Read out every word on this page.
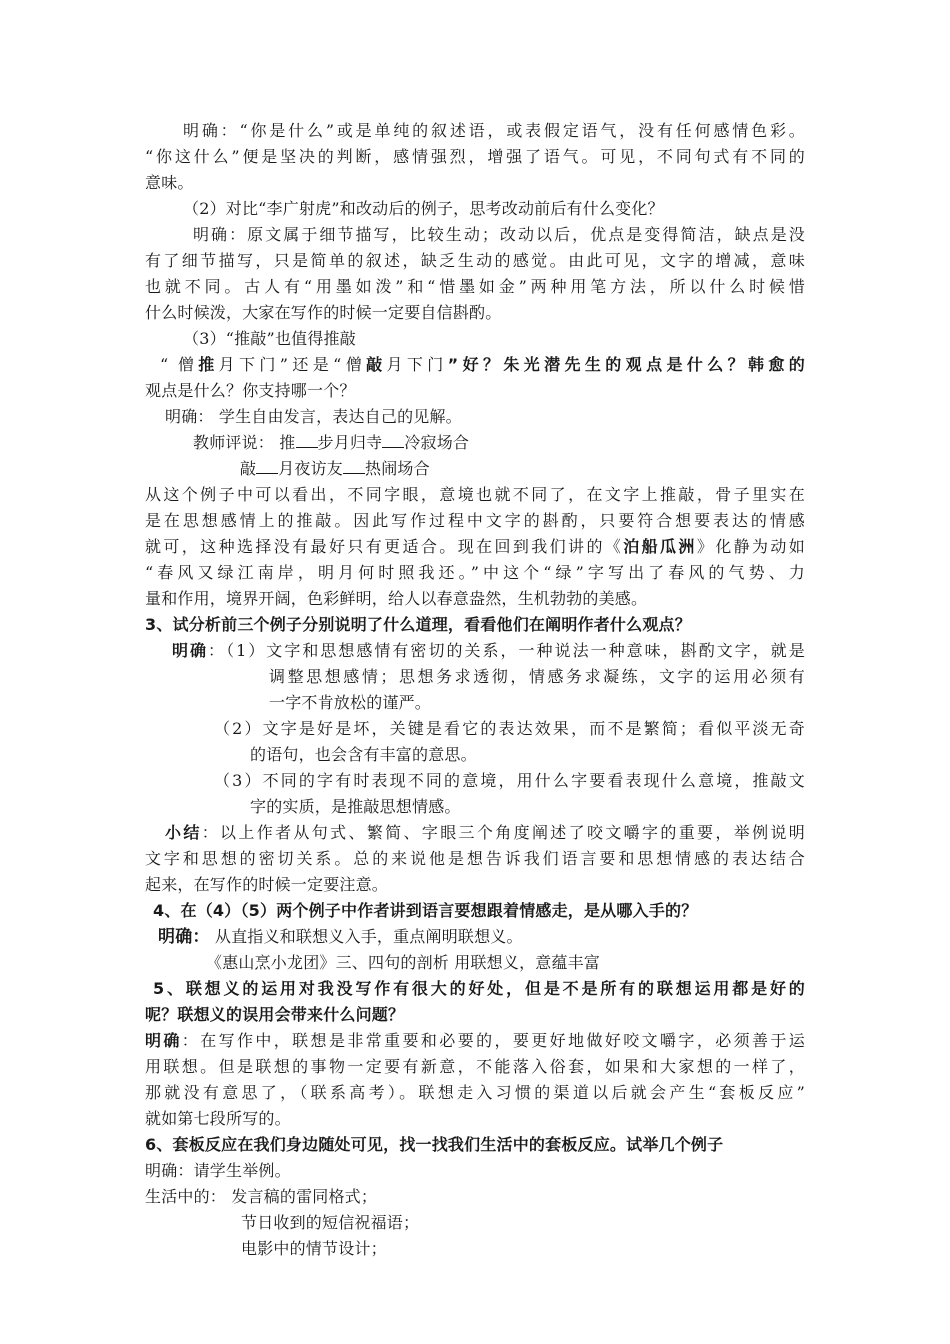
明确：“你是什么”或是单纯的叙述语，或表假定语气，没有任何感情色彩。
“你这什么”便是坚决的判断，感情强烈，增强了语气。可见，不同句式有不同的
意味。
（2）对比“李广射虎”和改动后的例子，思考改动前后有什么变化？
明确：原文属于细节描写，比较生动；改动以后，优点是变得简洁，缺点是没
有了细节描写，只是简单的叙述，缺乏生动的感觉。由此可见，文字的增减，意味
也就不同。古人有“用墨如泼”和“惜墨如金”两种用笔方法，所以什么时候惜
什么时候泼，大家在写作的时候一定要自信斟酌。
（3）“推敲”也值得推敲
“ 僧推月下门”还是“僧敲月下门”好？朱光潜先生的观点是什么？韩愈的
观点是什么？你支持哪一个？
明确： 学生自由发言，表达自己的见解。
教师评说： 推 步月归寺 冷寂场合
敲 月夜访友 热闹场合
从这个例子中可以看出，不同字眼，意境也就不同了，在文字上推敲，骨子里实在
是在思想感情上的推敲。因此写作过程中文字的斟酌，只要符合想要表达的情感
就可，这种选择没有最好只有更适合。现在回到我们讲的《泊船瓜洲》化静为动如
“春风又绿江南岸，明月何时照我还。”中这个“绿”字写出了春风的气势、力
量和作用，境界开阔，色彩鲜明，给人以春意盎然，生机勃勃的美感。
3、试分析前三个例子分别说明了什么道理，看看他们在阐明作者什么观点？
明确：（1）文字和思想感情有密切的关系，一种说法一种意味，斟酌文字，就是
调整思想感情；思想务求透彻，情感务求凝练，文字的运用必须有
一字不肯放松的谨严。
（2）文字是好是坏，关键是看它的表达效果，而不是繁简；看似平淡无奇
的语句，也会含有丰富的意思。
（3）不同的字有时表现不同的意境，用什么字要看表现什么意境，推敲文
字的实质，是推敲思想情感。
小结：以上作者从句式、繁简、字眼三个角度阐述了咬文嚼字的重要，举例说明
文字和思想的密切关系。总的来说他是想告诉我们语言要和思想情感的表达结合
起来，在写作的时候一定要注意。
4、在（4）（5）两个例子中作者讲到语言要想跟着情感走，是从哪入手的？
明确： 从直指义和联想义入手，重点阐明联想义。
《惠山烹小龙团》三、四句的剖析 用联想义，意蕴丰富
5、联想义的运用对我没写作有很大的好处，但是不是所有的联想运用都是好的
呢？联想义的误用会带来什么问题？
明确：在写作中，联想是非常重要和必要的，要更好地做好咬文嚼字，必须善于运
用联想。但是联想的事物一定要有新意，不能落入俗套，如果和大家想的一样了，
那就没有意思了，（联系高考）。联想走入习惯的渠道以后就会产生“套板反应”
就如第七段所写的。
6、套板反应在我们身边随处可见，找一找我们生活中的套板反应。试举几个例子
明确：请学生举例。
生活中的： 发言稿的雷同格式；
节日收到的短信祝福语；
电影中的情节设计；
